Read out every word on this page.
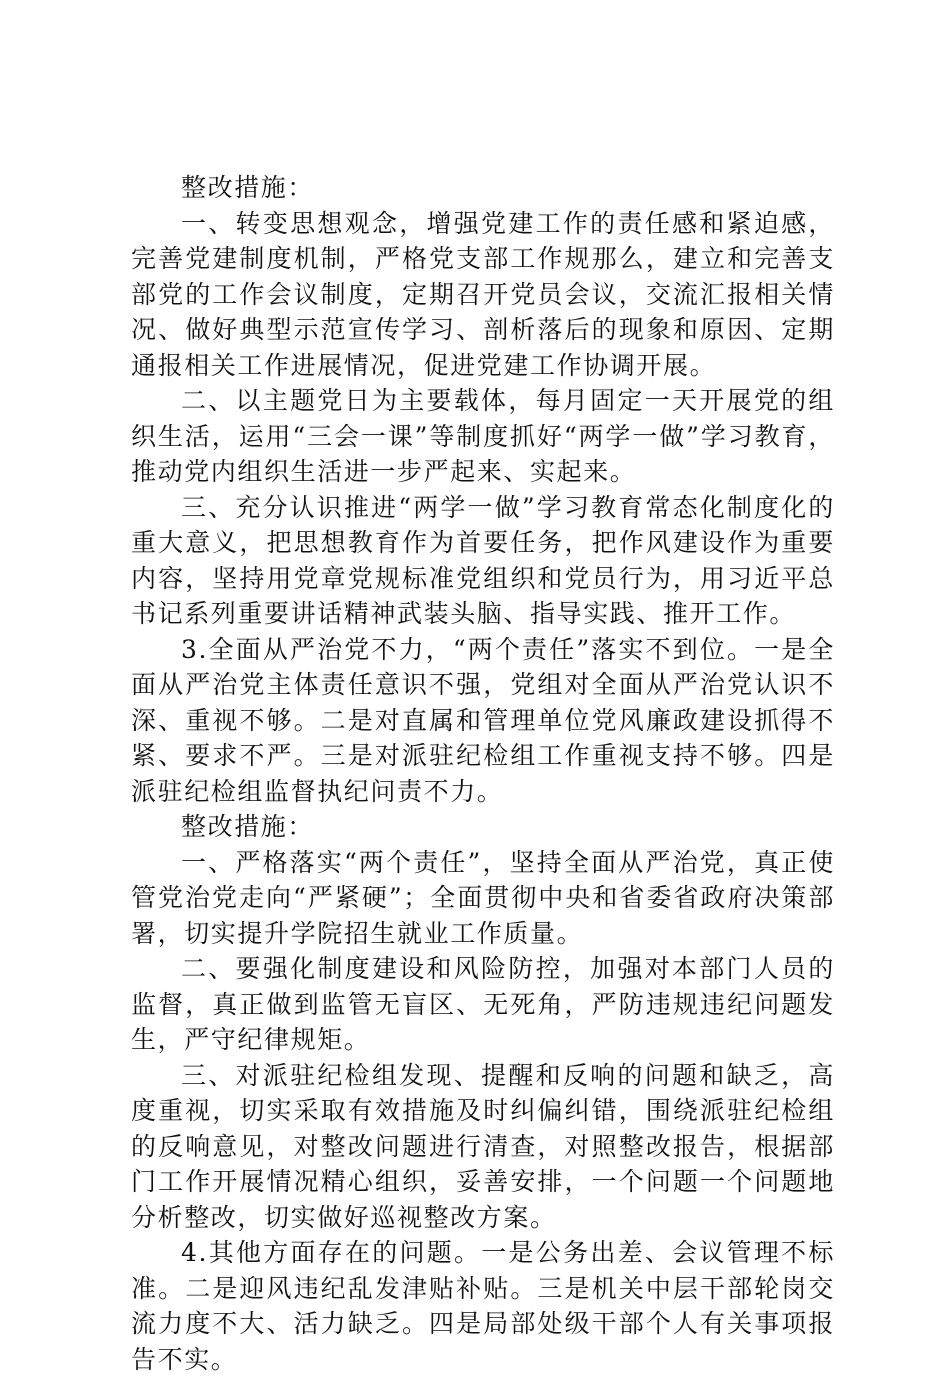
整改措施：

一、转变思想观念，增强党建工作的责任感和紧迫感，完善党建制度机制，严格党支部工作规那么，建立和完善支部党的工作会议制度，定期召开党员会议，交流汇报相关情况、做好典型示范宣传学习、剖析落后的现象和原因、定期通报相关工作进展情况，促进党建工作协调开展。

二、以主题党日为主要载体，每月固定一天开展党的组织生活，运用“三会一课”等制度抓好“两学一做”学习教育，推动党内组织生活进一步严起来、实起来。

三、充分认识推进“两学一做”学习教育常态化制度化的重大意义，把思想教育作为首要任务，把作风建设作为重要内容，坚持用党章党规标准党组织和党员行为，用习近平总书记系列重要讲话精神武装头脑、指导实践、推开工作。

3.全面从严治党不力，“两个责任”落实不到位。一是全面从严治党主体责任意识不强，党组对全面从严治党认识不深、重视不够。二是对直属和管理单位党风廉政建设抓得不紧、要求不严。三是对派驻纪检组工作重视支持不够。四是派驻纪检组监督执纪问责不力。

整改措施：

一、严格落实“两个责任”，坚持全面从严治党，真正使管党治党走向“严紧硬”；全面贯彻中央和省委省政府决策部署，切实提升学院招生就业工作质量。

二、要强化制度建设和风险防控，加强对本部门人员的监督，真正做到监管无盲区、无死角，严防违规违纪问题发生，严守纪律规矩。

三、对派驻纪检组发现、提醒和反响的问题和缺乏，高度重视，切实采取有效措施及时纠偏纠错，围绕派驻纪检组的反响意见，对整改问题进行清查，对照整改报告，根据部门工作开展情况精心组织，妥善安排，一个问题一个问题地分析整改，切实做好巡视整改方案。

4.其他方面存在的问题。一是公务出差、会议管理不标准。二是迎风违纪乱发津贴补贴。三是机关中层干部轮岗交流力度不大、活力缺乏。四是局部处级干部个人有关事项报告不实。
